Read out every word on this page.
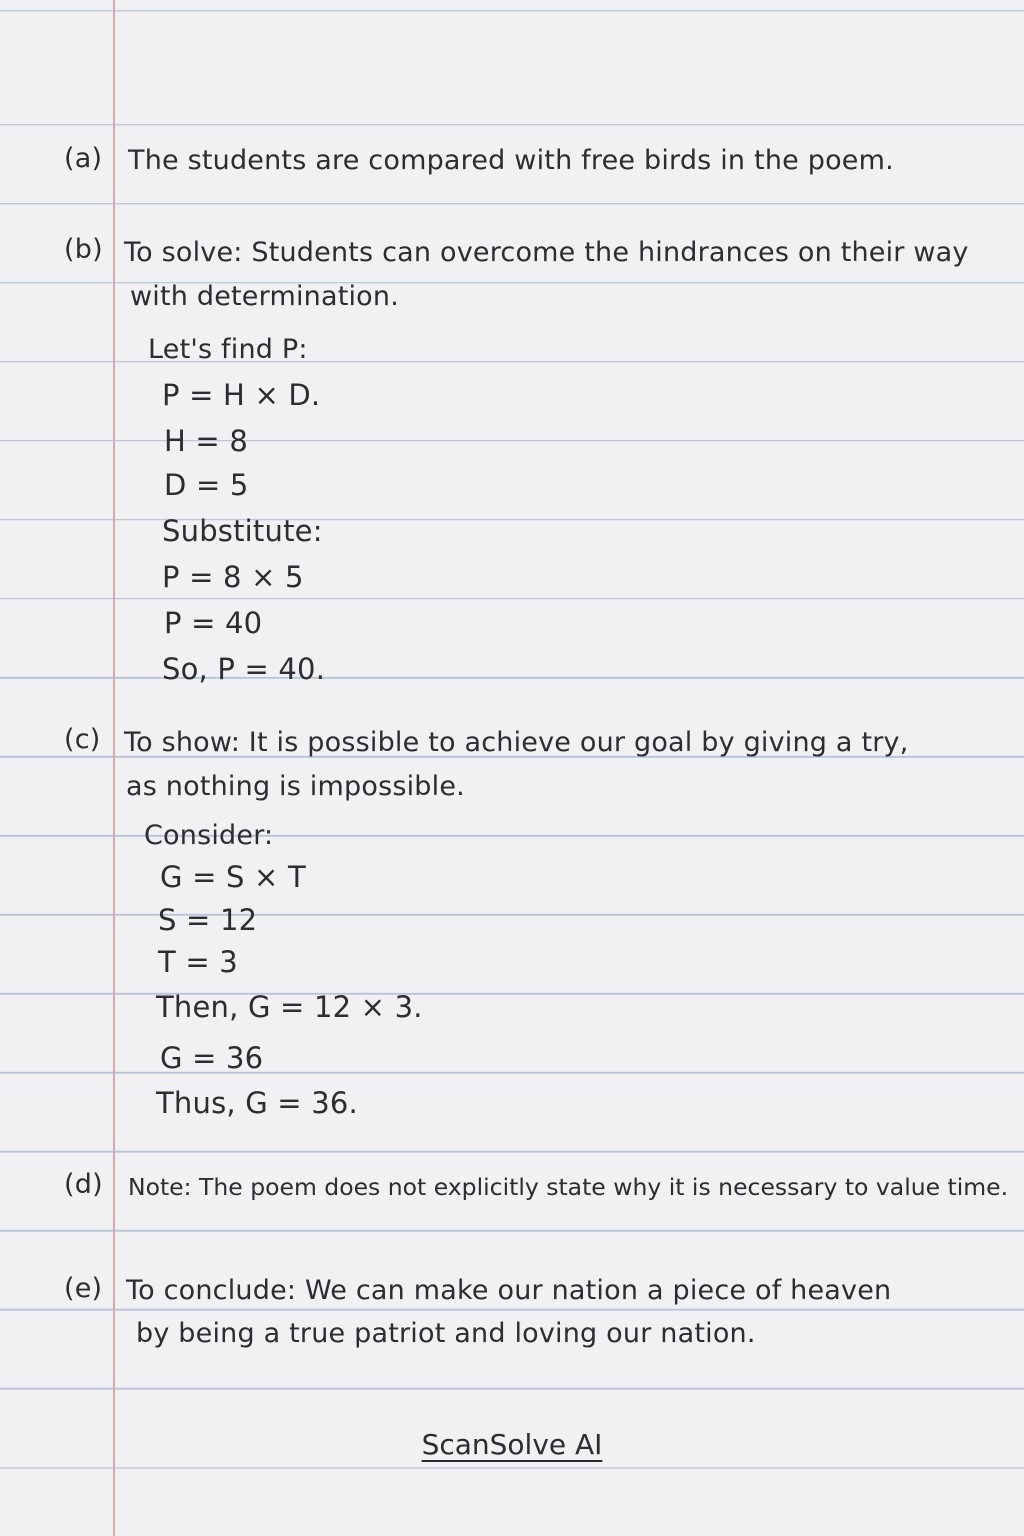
(a) The students are compared with free birds in the poem.
(b) To solve: Students can overcome the hindrances on their way
with determination.
Let's find P:
P = H × D.
H = 8
D = 5
Substitute:
P = 8 × 5
P = 40
So, P = 40.
(c) To show: It is possible to achieve our goal by giving a try,
as nothing is impossible.
Consider:
G = S × T
S = 12
T = 3
Then, G = 12 × 3.
G = 36
Thus, G = 36.
(d) Note: The poem does not explicitly state why it is necessary to value time.
(e) To conclude: We can make our nation a piece of heaven
by being a true patriot and loving our nation.
ScanSolve AI
